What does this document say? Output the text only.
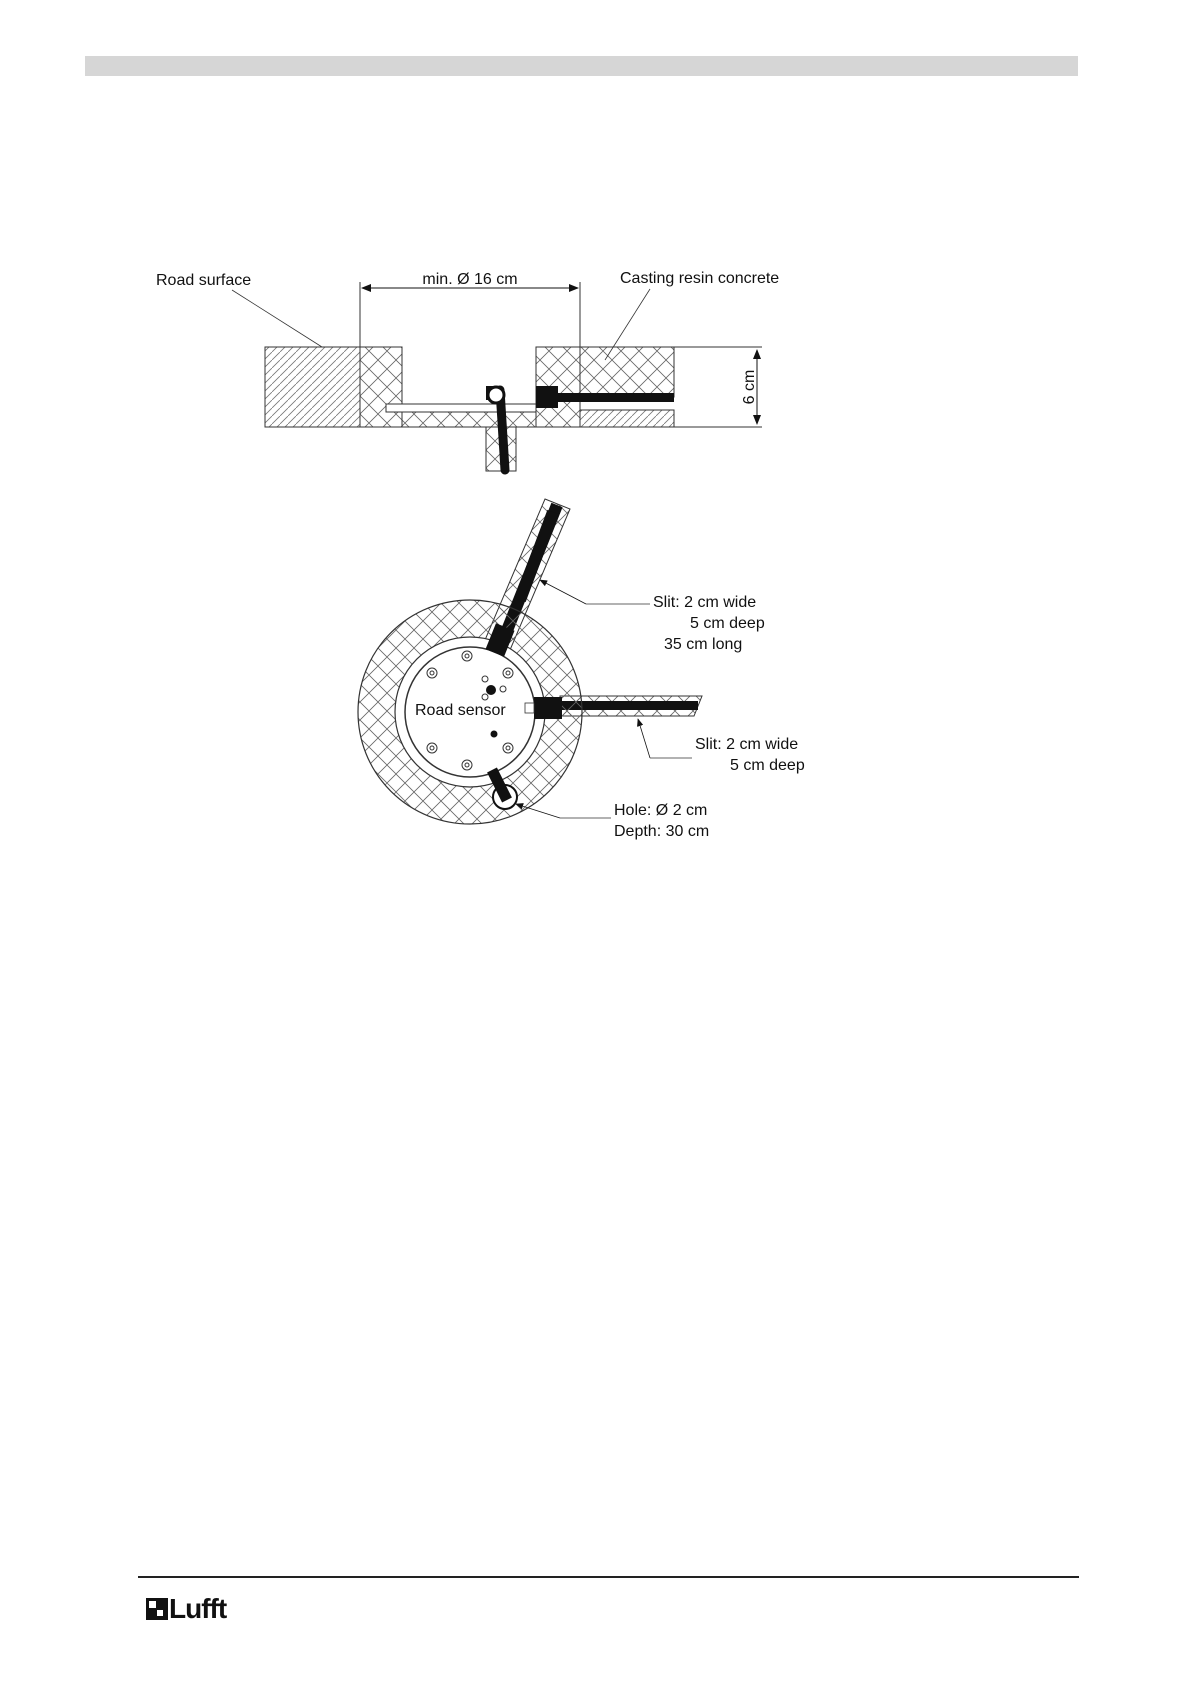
min. Ø 16 cm
6 cm
Road surface	Casting resin concrete
Road sensor
Slit: 2 cm wide
5 cm deep
35 cm long
Slit: 2 cm wide
5 cm deep
Hole: Ø 2 cm
Depth: 30 cm
Lufft
